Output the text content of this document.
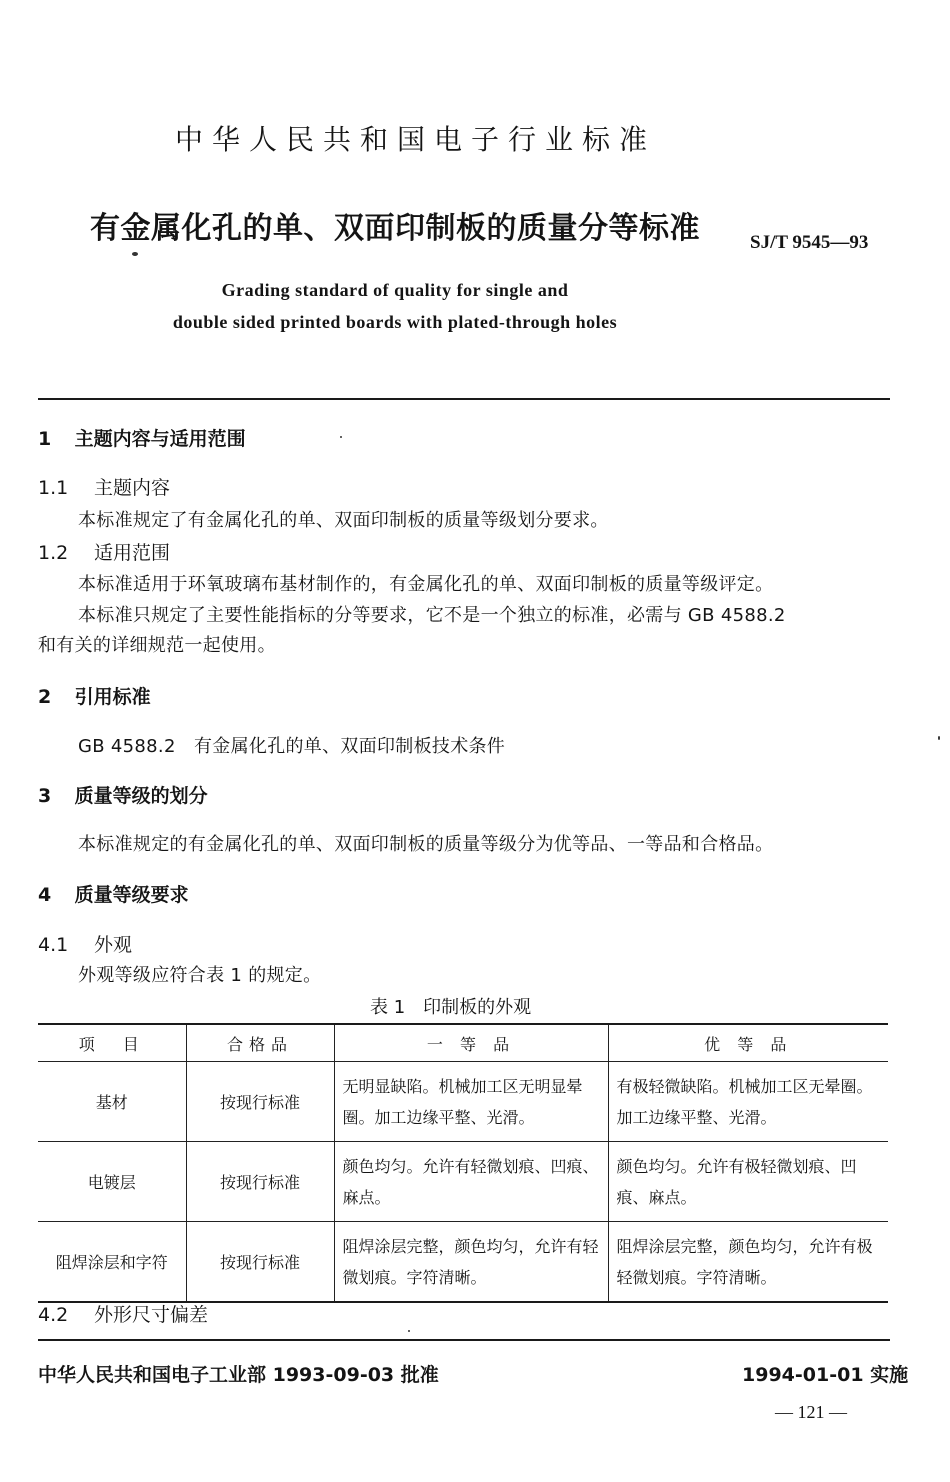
中华人民共和国电子行业标准
有金属化孔的单、双面印制板的质量分等标准	SJ/T 9545—93
Grading standard of quality for single and
double sided printed boards with plated-through holes
1 主题内容与适用范围
1.1 主题内容
本标准规定了有金属化孔的单、双面印制板的质量等级划分要求。
1.2 适用范围
本标准适用于环氧玻璃布基材制作的，有金属化孔的单、双面印制板的质量等级评定。
本标准只规定了主要性能指标的分等要求，它不是一个独立的标准，必需与 GB 4588.2
和有关的详细规范一起使用。
2 引用标准
GB 4588.2　有金属化孔的单、双面印制板技术条件
3 质量等级的划分
本标准规定的有金属化孔的单、双面印制板的质量等级分为优等品、一等品和合格品。
4 质量等级要求
4.1 外观
外观等级应符合表 1 的规定。
表 1　印制板的外观
项　目	合格品	一 等 品	优 等 品
基材	按现行标准	无明显缺陷。机械加工区无明显晕圈。加工边缘平整、光滑。	有极轻微缺陷。机械加工区无晕圈。加工边缘平整、光滑。
电镀层	按现行标准	颜色均匀。允许有轻微划痕、凹痕、麻点。	颜色均匀。允许有极轻微划痕、凹痕、麻点。
阻焊涂层和字符	按现行标准	阻焊涂层完整，颜色均匀，允许有轻微划痕。字符清晰。	阻焊涂层完整，颜色均匀，允许有极轻微划痕。字符清晰。
4.2 外形尺寸偏差
中华人民共和国电子工业部 1993-09-03 批准	1994-01-01 实施
— 121 —
